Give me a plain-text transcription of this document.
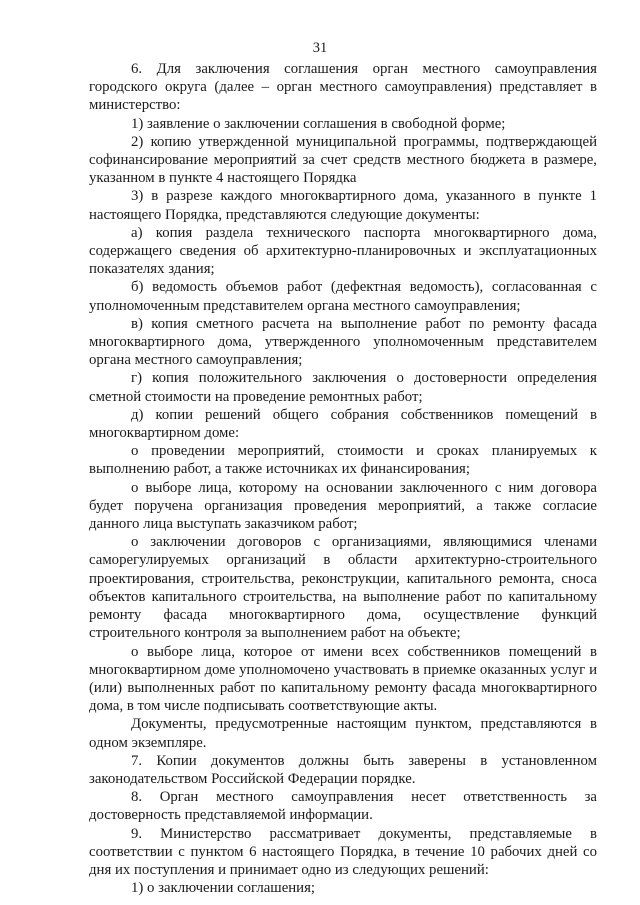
31

6. Для заключения соглашения орган местного самоуправления городского округа (далее – орган местного самоуправления) представляет в министерство:

1) заявление о заключении соглашения в свободной форме;

2) копию утвержденной муниципальной программы, подтверждающей софинансирование мероприятий за счет средств местного бюджета в размере, указанном в пункте 4 настоящего Порядка

3) в разрезе каждого многоквартирного дома, указанного в пункте 1 настоящего Порядка, представляются следующие документы:

а) копия раздела технического паспорта многоквартирного дома, содержащего сведения об архитектурно-планировочных и эксплуатационных показателях здания;

б) ведомость объемов работ (дефектная ведомость), согласованная с уполномоченным представителем органа местного самоуправления;

в) копия сметного расчета на выполнение работ по ремонту фасада многоквартирного дома, утвержденного уполномоченным представителем органа местного самоуправления;

г) копия положительного заключения о достоверности определения сметной стоимости на проведение ремонтных работ;

д) копии решений общего собрания собственников помещений в многоквартирном доме:

о проведении мероприятий, стоимости и сроках планируемых к выполнению работ, а также источниках их финансирования;

о выборе лица, которому на основании заключенного с ним договора будет поручена организация проведения мероприятий, а также согласие данного лица выступать заказчиком работ;

о заключении договоров с организациями, являющимися членами саморегулируемых организаций в области архитектурно-строительного проектирования, строительства, реконструкции, капитального ремонта, сноса объектов капитального строительства, на выполнение работ по капитальному ремонту фасада многоквартирного дома, осуществление функций строительного контроля за выполнением работ на объекте;

о выборе лица, которое от имени всех собственников помещений в многоквартирном доме уполномочено участвовать в приемке оказанных услуг и (или) выполненных работ по капитальному ремонту фасада многоквартирного дома, в том числе подписывать соответствующие акты.

Документы, предусмотренные настоящим пунктом, представляются в одном экземпляре.

7. Копии документов должны быть заверены в установленном законодательством Российской Федерации порядке.

8. Орган местного самоуправления несет ответственность за достоверность представляемой информации.

9. Министерство рассматривает документы, представляемые в соответствии с пунктом 6 настоящего Порядка, в течение 10 рабочих дней со дня их поступления и принимает одно из следующих решений:

1) о заключении соглашения;
